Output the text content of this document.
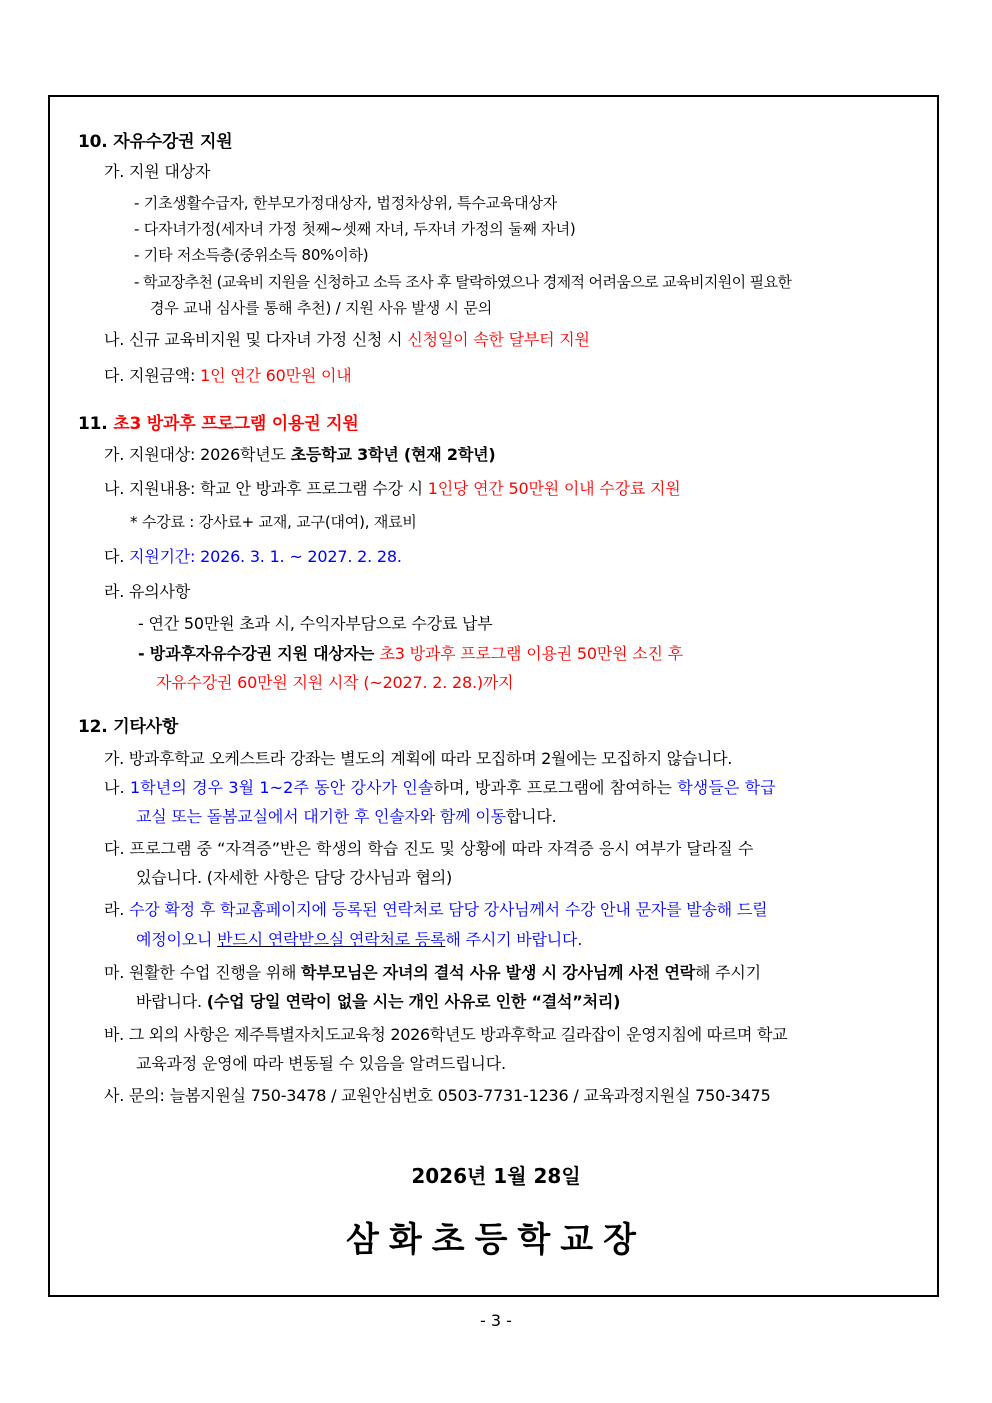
10. 자유수강권 지원
가. 지원 대상자
- 기초생활수급자, 한부모가정대상자, 법정차상위, 특수교육대상자
- 다자녀가정(세자녀 가정 첫째~셋째 자녀, 두자녀 가정의 둘째 자녀)
- 기타 저소득층(중위소득 80%이하)
- 학교장추천 (교육비 지원을 신청하고 소득 조사 후 탈락하였으나 경제적 어려움으로 교육비지원이 필요한
경우 교내 심사를 통해 추천) / 지원 사유 발생 시 문의
나. 신규 교육비지원 및 다자녀 가정 신청 시 신청일이 속한 달부터 지원
다. 지원금액: 1인 연간 60만원 이내
11. 초3 방과후 프로그램 이용권 지원
가. 지원대상: 2026학년도 초등학교 3학년 (현재 2학년)
나. 지원내용: 학교 안 방과후 프로그램 수강 시 1인당 연간 50만원 이내 수강료 지원
* 수강료 : 강사료+ 교재, 교구(대여), 재료비
다. 지원기간: 2026. 3. 1. ~ 2027. 2. 28.
라. 유의사항
- 연간 50만원 초과 시, 수익자부담으로 수강료 납부
- 방과후자유수강권 지원 대상자는 초3 방과후 프로그램 이용권 50만원 소진 후
자유수강권 60만원 지원 시작 (~2027. 2. 28.)까지
12. 기타사항
가. 방과후학교 오케스트라 강좌는 별도의 계획에 따라 모집하며 2월에는 모집하지 않습니다.
나. 1학년의 경우 3월 1~2주 동안 강사가 인솔하며, 방과후 프로그램에 참여하는 학생들은 학급
교실 또는 돌봄교실에서 대기한 후 인솔자와 함께 이동합니다.
다. 프로그램 중 “자격증”반은 학생의 학습 진도 및 상황에 따라 자격증 응시 여부가 달라질 수
있습니다. (자세한 사항은 담당 강사님과 협의)
라. 수강 확정 후 학교홈페이지에 등록된 연락처로 담당 강사님께서 수강 안내 문자를 발송해 드릴
예정이오니 반드시 연락받으실 연락처로 등록해 주시기 바랍니다.
마. 원활한 수업 진행을 위해 학부모님은 자녀의 결석 사유 발생 시 강사님께 사전 연락해 주시기
바랍니다. (수업 당일 연락이 없을 시는 개인 사유로 인한 “결석”처리)
바. 그 외의 사항은 제주특별자치도교육청 2026학년도 방과후학교 길라잡이 운영지침에 따르며 학교
교육과정 운영에 따라 변동될 수 있음을 알려드립니다.
사. 문의: 늘봄지원실 750-3478 / 교원안심번호 0503-7731-1236 / 교육과정지원실 750-3475
2026년 1월 28일
삼화초등학교장
- 3 -
